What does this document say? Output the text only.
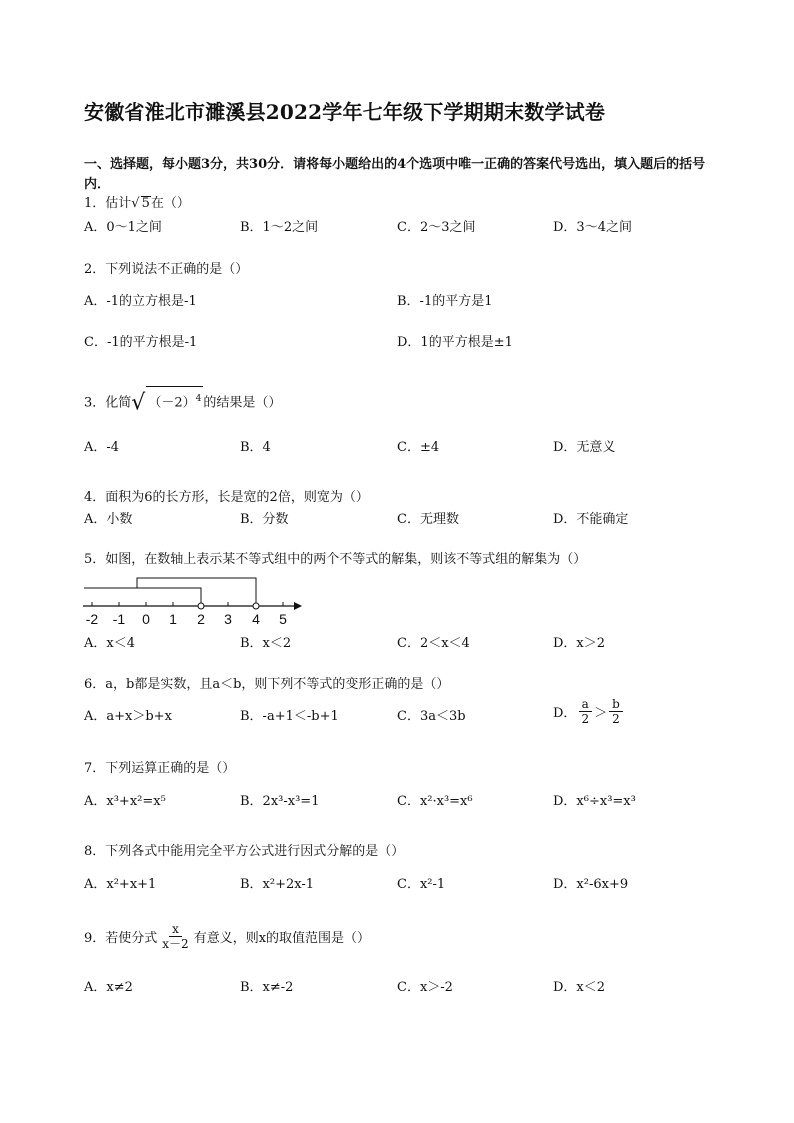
安徽省淮北市濉溪县2022学年七年级下学期期末数学试卷
一、选择题，每小题3分，共30分．请将每小题给出的4个选项中唯一正确的答案代号选出，填入题后的括号内．
1．估计√ 5在（）
A．0～1之间	B．1～2之间	C．2～3之间	D．3～4之间
2．下列说法不正确的是（）
A．-1的立方根是-1	B．-1的平方是1
C．-1的平方根是-1	D．1的平方根是±1
3．化简√ $(-2)^4$ 的结果是（）
A．-4	B．4	C．±4	D．无意义
4．面积为6的长方形，长是宽的2倍，则宽为（）
A．小数	B．分数	C．无理数	D．不能确定
5．如图，在数轴上表示某不等式组中的两个不等式的解集，则该不等式组的解集为（）
-2 -1 0 1 2 3 4 5
A．x＜4	B．x＜2	C．2＜x＜4	D．x＞2
6．a，b都是实数，且a＜b，则下列不等式的变形正确的是（）
A．a+x＞b+x	B．-a+1＜-b+1	C．3a＜3b	D． $\frac{a}{2} > \frac{b}{2}$
7．下列运算正确的是（）
A．x³+x²=x⁵	B．2x³-x³=1	C．x²·x³=x⁶	D．x⁶÷x³=x³
8．下列各式中能用完全平方公式进行因式分解的是（）
A．x²+x+1	B．x²+2x-1	C．x²-1	D．x²-6x+9
9．若使分式 $\frac{x}{x-2}$ 有意义，则x的取值范围是（）
A．x≠2	B．x≠-2	C．x＞-2	D．x＜2
